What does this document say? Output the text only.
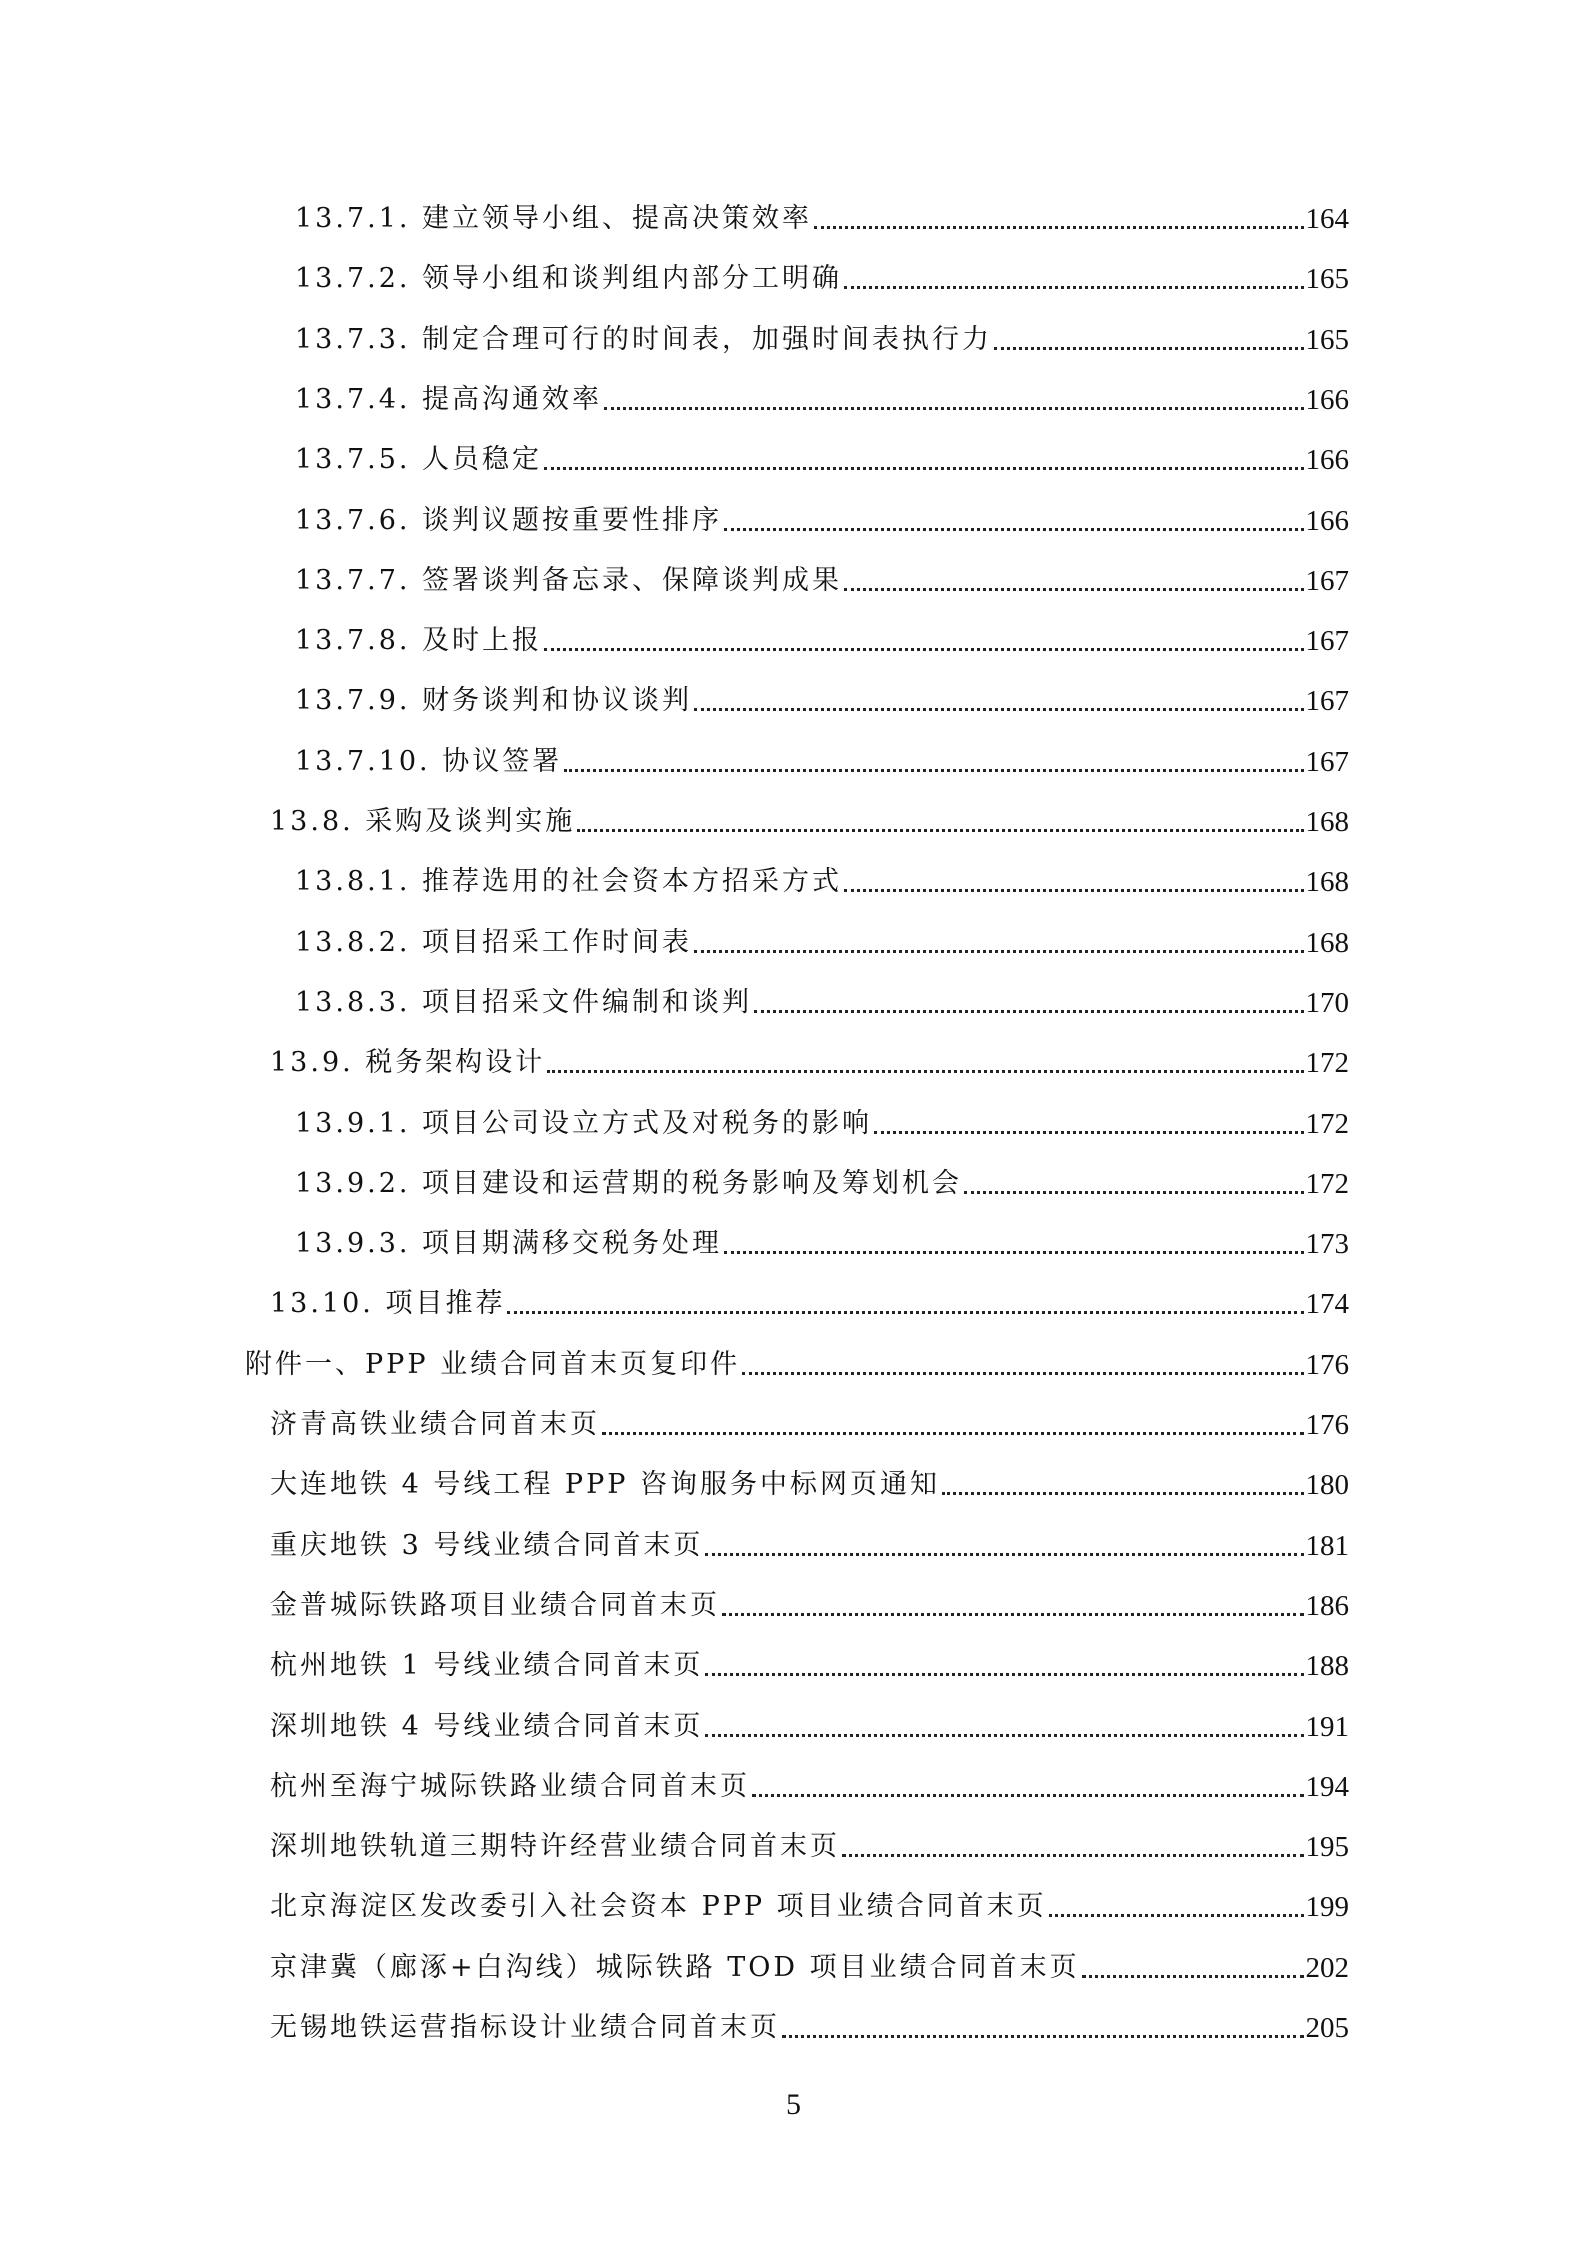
13.7.1. 建立领导小组、提高决策效率	164
13.7.2. 领导小组和谈判组内部分工明确	165
13.7.3. 制定合理可行的时间表，加强时间表执行力	165
13.7.4. 提高沟通效率	166
13.7.5. 人员稳定	166
13.7.6. 谈判议题按重要性排序	166
13.7.7. 签署谈判备忘录、保障谈判成果	167
13.7.8. 及时上报	167
13.7.9. 财务谈判和协议谈判	167
13.7.10. 协议签署	167
13.8. 采购及谈判实施	168
13.8.1. 推荐选用的社会资本方招采方式	168
13.8.2. 项目招采工作时间表	168
13.8.3. 项目招采文件编制和谈判	170
13.9. 税务架构设计	172
13.9.1. 项目公司设立方式及对税务的影响	172
13.9.2. 项目建设和运营期的税务影响及筹划机会	172
13.9.3. 项目期满移交税务处理	173
13.10. 项目推荐	174
附件一、PPP 业绩合同首末页复印件	176
济青高铁业绩合同首末页	176
大连地铁 4 号线工程 PPP 咨询服务中标网页通知	180
重庆地铁 3 号线业绩合同首末页	181
金普城际铁路项目业绩合同首末页	186
杭州地铁 1 号线业绩合同首末页	188
深圳地铁 4 号线业绩合同首末页	191
杭州至海宁城际铁路业绩合同首末页	194
深圳地铁轨道三期特许经营业绩合同首末页	195
北京海淀区发改委引入社会资本 PPP 项目业绩合同首末页	199
京津冀（廊涿+白沟线）城际铁路 TOD 项目业绩合同首末页	202
无锡地铁运营指标设计业绩合同首末页	205
5
